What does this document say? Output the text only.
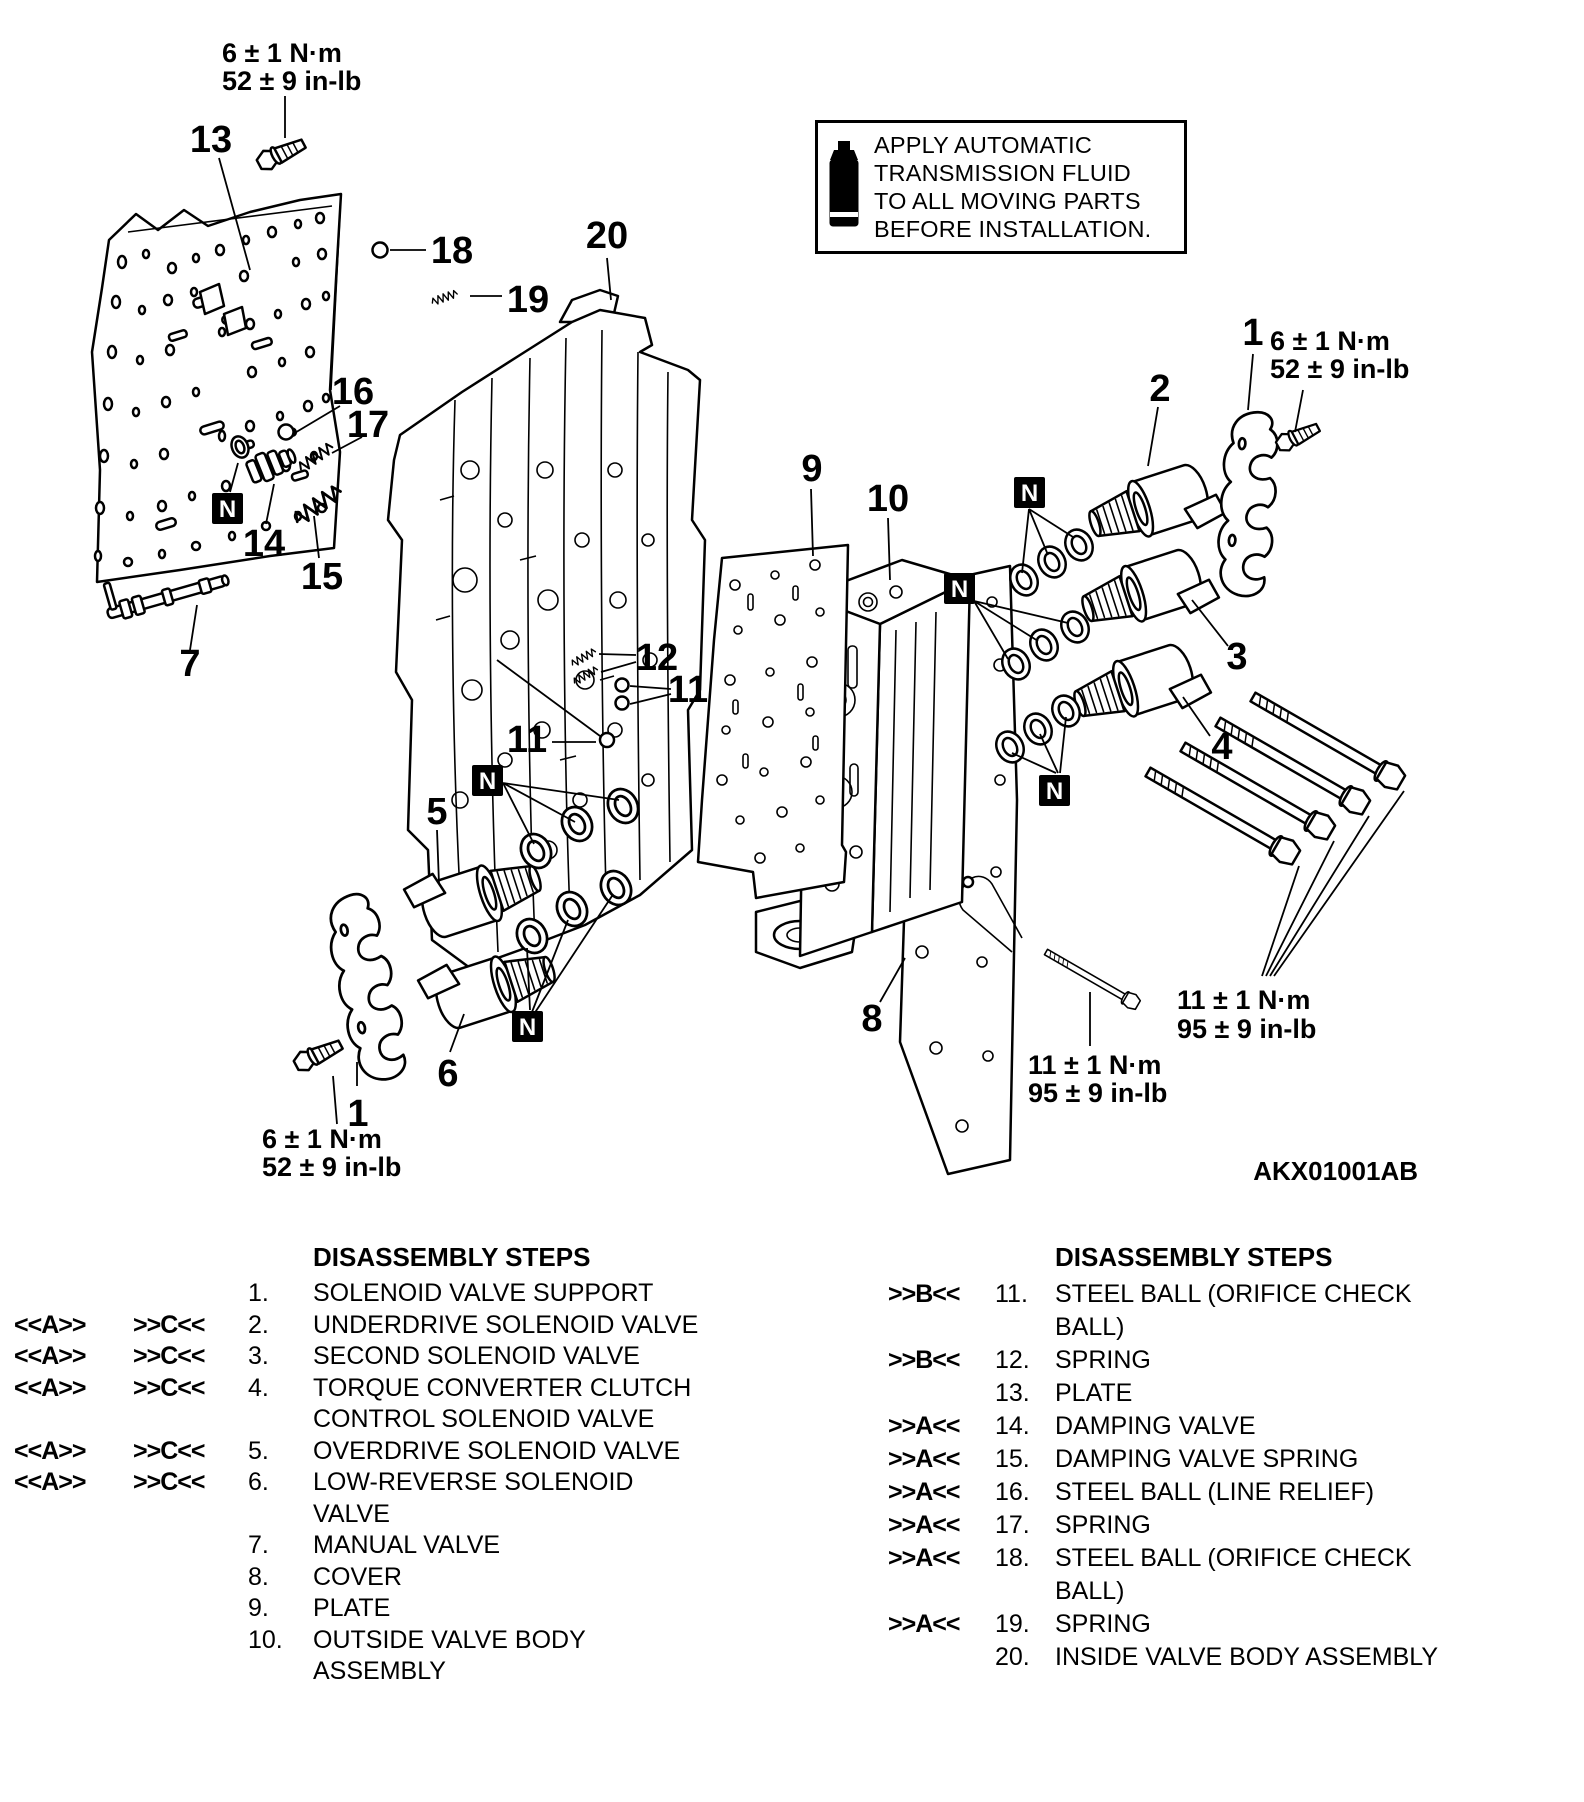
N
N
N
N
N
N
13
18
19
20
16
17
14
15
7	12
11
11
5
6
1
9
10
2
1
3
4
8
6 ± 1 N·m
52 ± 9 in-lb
6 ± 1 N·m
52 ± 9 in-lb
6 ± 1 N·m
52 ± 9 in-lb
11 ± 1 N·m
95 ± 9 in-lb
11 ± 1 N·m
95 ± 9 in-lb
AKX01001AB
APPLY AUTOMATIC
TRANSMISSION FLUID
TO ALL MOVING PARTS
BEFORE INSTALLATION.
DISASSEMBLY STEPS
1.	SOLENOID VALVE SUPPORT
<<A>>	>>C<<	2.	UNDERDRIVE SOLENOID VALVE
<<A>>	>>C<<	3.	SECOND SOLENOID VALVE
<<A>>	>>C<<	4.	TORQUE CONVERTER CLUTCH
CONTROL SOLENOID VALVE
<<A>>	>>C<<	5.	OVERDRIVE SOLENOID VALVE
<<A>>	>>C<<	6.	LOW-REVERSE SOLENOID
VALVE
7.	MANUAL VALVE
8.	COVER
9.	PLATE
10.	OUTSIDE VALVE BODY
ASSEMBLY
DISASSEMBLY STEPS
>>B<<	11.	STEEL BALL (ORIFICE CHECK
BALL)
>>B<<	12.	SPRING
13.	PLATE
>>A<<	14.	DAMPING VALVE
>>A<<	15.	DAMPING VALVE SPRING
>>A<<	16.	STEEL BALL (LINE RELIEF)
>>A<<	17.	SPRING
>>A<<	18.	STEEL BALL (ORIFICE CHECK
BALL)
>>A<<	19.	SPRING
20.	INSIDE VALVE BODY ASSEMBLY
